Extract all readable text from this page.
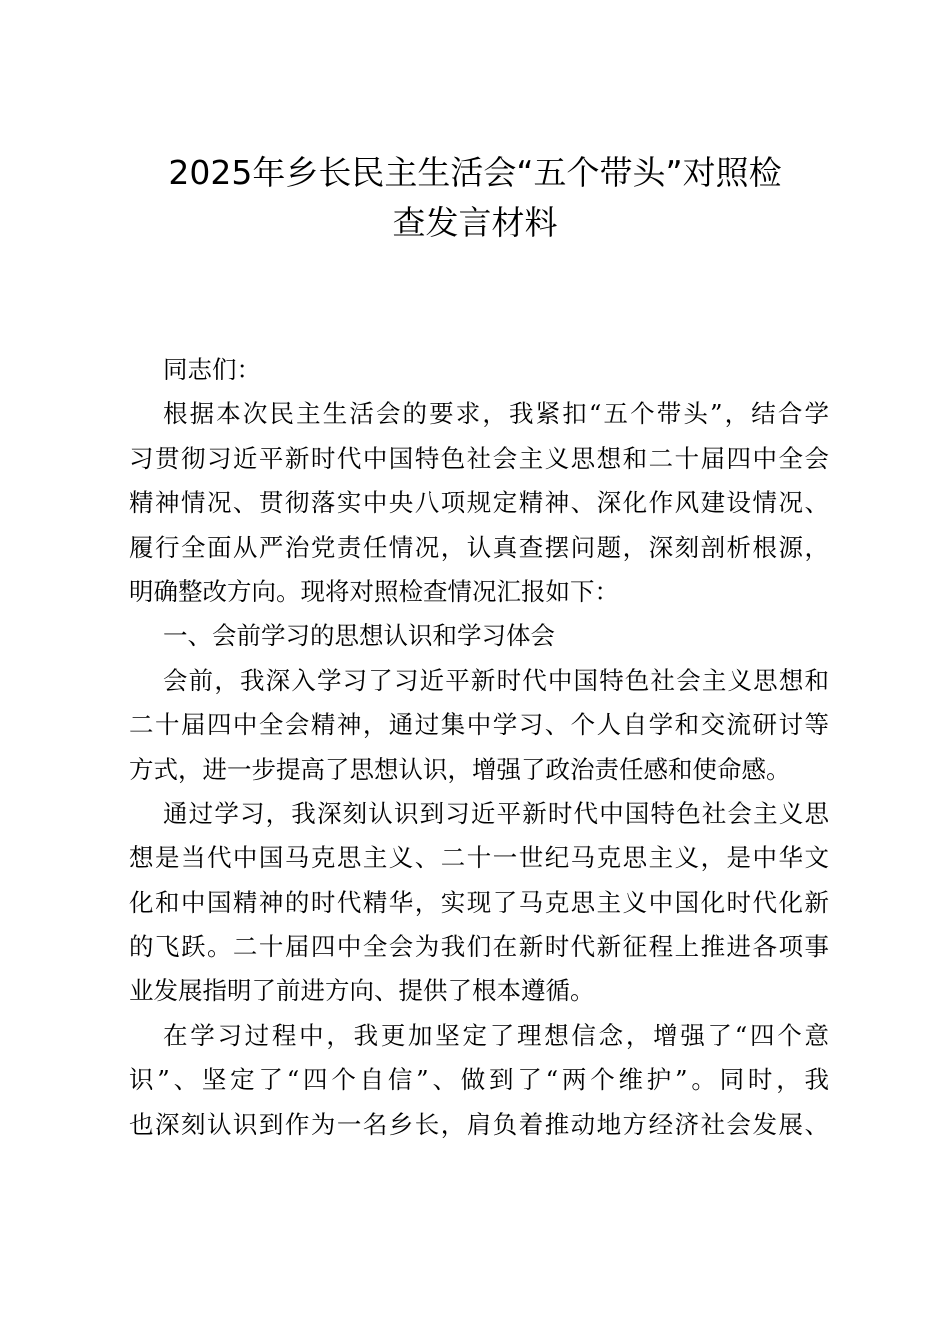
2025年乡长民主生活会“五个带头”对照检
查发言材料
同志们：
根据本次民主生活会的要求，我紧扣“五个带头”，结合学
习贯彻习近平新时代中国特色社会主义思想和二十届四中全会
精神情况、贯彻落实中央八项规定精神、深化作风建设情况、
履行全面从严治党责任情况，认真查摆问题，深刻剖析根源，
明确整改方向。现将对照检查情况汇报如下：
一、会前学习的思想认识和学习体会
会前，我深入学习了习近平新时代中国特色社会主义思想和
二十届四中全会精神，通过集中学习、个人自学和交流研讨等
方式，进一步提高了思想认识，增强了政治责任感和使命感。
通过学习，我深刻认识到习近平新时代中国特色社会主义思
想是当代中国马克思主义、二十一世纪马克思主义，是中华文
化和中国精神的时代精华，实现了马克思主义中国化时代化新
的飞跃。二十届四中全会为我们在新时代新征程上推进各项事
业发展指明了前进方向、提供了根本遵循。
在学习过程中，我更加坚定了理想信念，增强了“四个意
识”、坚定了“四个自信”、做到了“两个维护”。同时，我
也深刻认识到作为一名乡长，肩负着推动地方经济社会发展、
